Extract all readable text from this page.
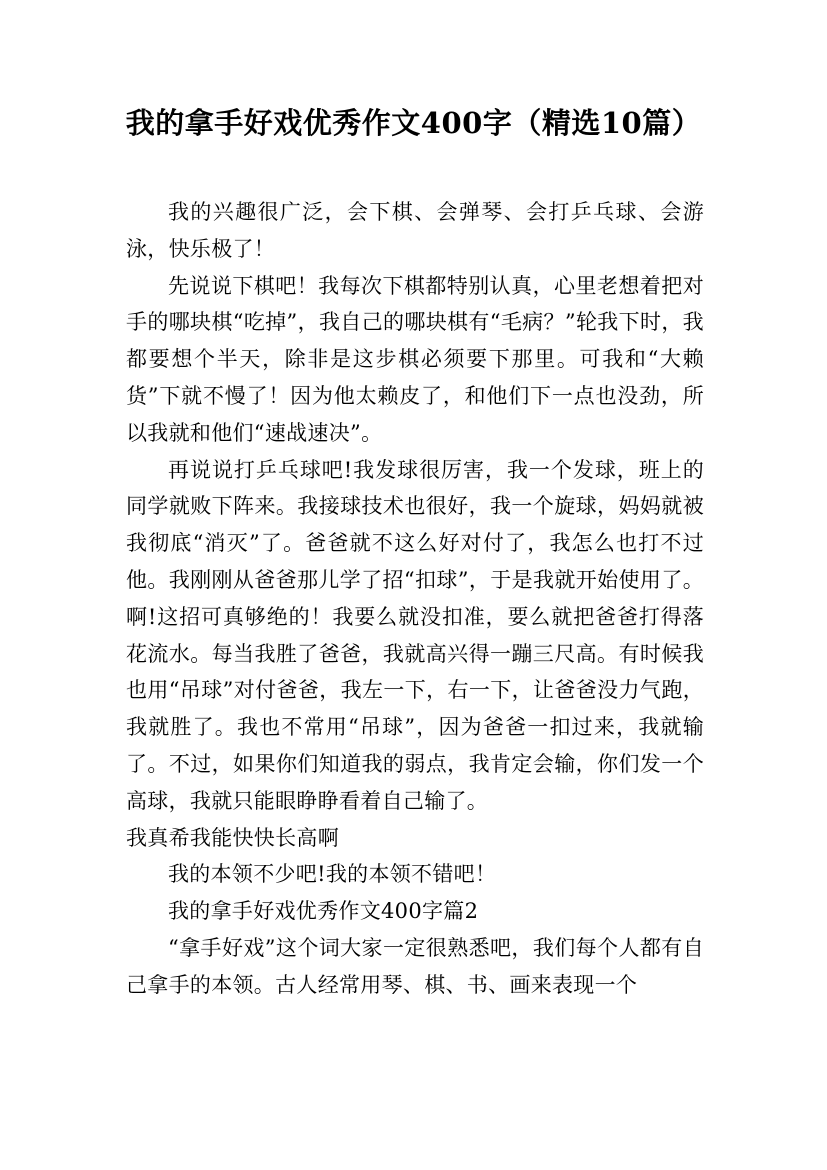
我的拿手好戏优秀作文400字（精选10篇）

我的兴趣很广泛，会下棋、会弹琴、会打乒乓球、会游泳，快乐极了！

先说说下棋吧！我每次下棋都特别认真，心里老想着把对手的哪块棋“吃掉”，我自己的哪块棋有“毛病？”轮我下时，我都要想个半天，除非是这步棋必须要下那里。可我和“大赖货”下就不慢了！因为他太赖皮了，和他们下一点也没劲，所以我就和他们“速战速决”。

再说说打乒乓球吧!我发球很厉害，我一个发球，班上的同学就败下阵来。我接球技术也很好，我一个旋球，妈妈就被我彻底“消灭”了。爸爸就不这么好对付了，我怎么也打不过他。我刚刚从爸爸那儿学了招“扣球”，于是我就开始使用了。啊!这招可真够绝的！我要么就没扣准，要么就把爸爸打得落花流水。每当我胜了爸爸，我就高兴得一蹦三尺高。有时候我也用“吊球”对付爸爸，我左一下，右一下，让爸爸没力气跑，我就胜了。我也不常用“吊球”，因为爸爸一扣过来，我就输了。不过，如果你们知道我的弱点，我肯定会输，你们发一个高球，我就只能眼睁睁看着自己输了。

我真希我能快快长高啊

我的本领不少吧!我的本领不错吧！

我的拿手好戏优秀作文400字篇2

“拿手好戏”这个词大家一定很熟悉吧，我们每个人都有自己拿手的本领。古人经常用琴、棋、书、画来表现一个
